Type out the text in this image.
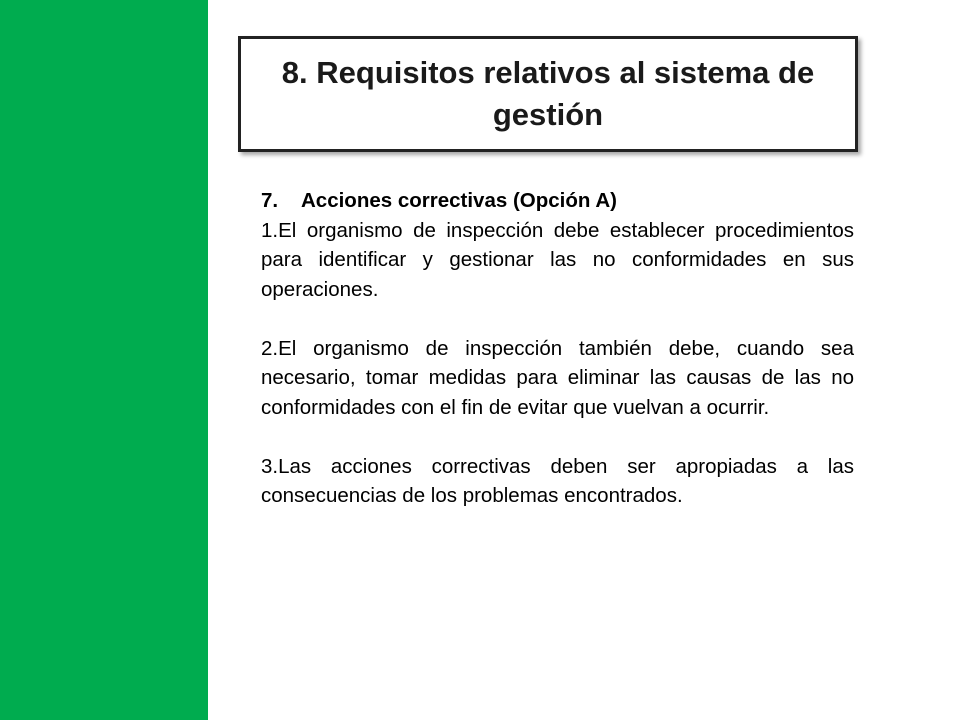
8. Requisitos relativos al sistema de gestión
7.	Acciones correctivas (Opción A)

1.El organismo de inspección debe establecer procedimientos para identificar y gestionar las no conformidades en sus operaciones.

2.El organismo de inspección también debe, cuando sea necesario, tomar medidas para eliminar las causas de las no conformidades con el fin de evitar que vuelvan a ocurrir.

3.Las acciones correctivas deben ser apropiadas a las consecuencias de los problemas encontrados.
